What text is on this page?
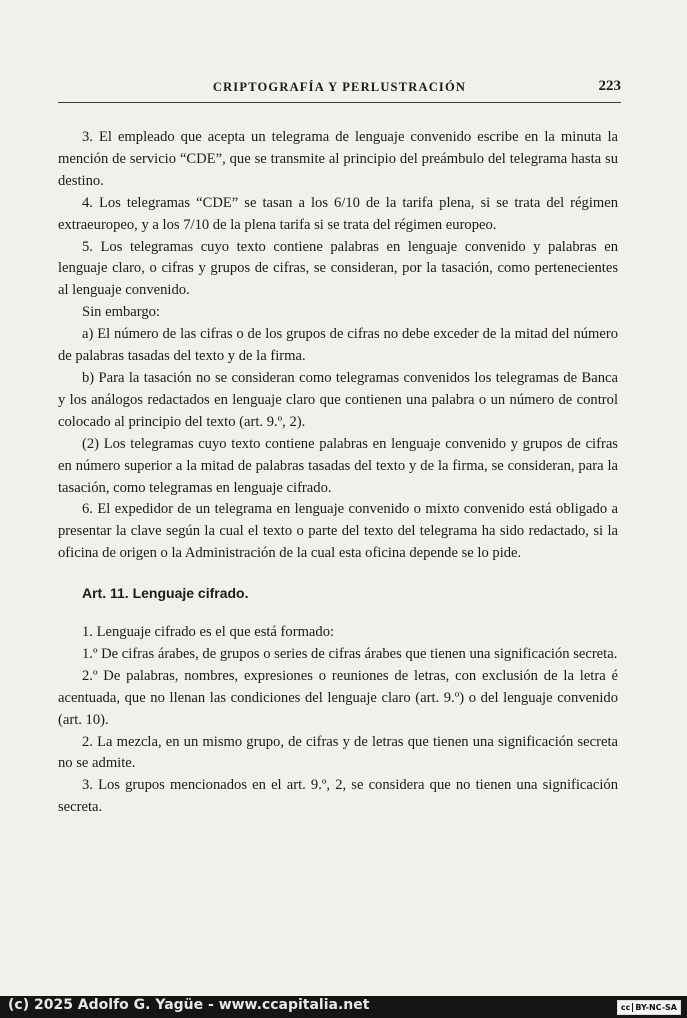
CRIPTOGRAFÍA Y PERLUSTRACIÓN	223

3. El empleado que acepta un telegrama de lenguaje convenido escribe en la minuta la mención de servicio “CDE”, que se transmite al principio del preámbulo del telegrama hasta su destino.

4. Los telegramas “CDE” se tasan a los 6/10 de la tarifa plena, si se trata del régimen extraeuropeo, y a los 7/10 de la plena tarifa si se trata del régimen europeo.

5. Los telegramas cuyo texto contiene palabras en lenguaje convenido y palabras en lenguaje claro, o cifras y grupos de cifras, se consideran, por la tasación, como pertenecientes al lenguaje convenido.

Sin embargo:

a) El número de las cifras o de los grupos de cifras no debe exceder de la mitad del número de palabras tasadas del texto y de la firma.

b) Para la tasación no se consideran como telegramas convenidos los telegramas de Banca y los análogos redactados en lenguaje claro que contienen una palabra o un número de control colocado al principio del texto (art. 9.º, 2).

(2) Los telegramas cuyo texto contiene palabras en lenguaje convenido y grupos de cifras en número superior a la mitad de palabras tasadas del texto y de la firma, se consideran, para la tasación, como telegramas en lenguaje cifrado.

6. El expedidor de un telegrama en lenguaje convenido o mixto convenido está obligado a presentar la clave según la cual el texto o parte del texto del telegrama ha sido redactado, si la oficina de origen o la Administración de la cual esta oficina depende se lo pide.

Art. 11. Lenguaje cifrado.

1. Lenguaje cifrado es el que está formado:

1.º De cifras árabes, de grupos o series de cifras árabes que tienen una significación secreta.

2.º De palabras, nombres, expresiones o reuniones de letras, con exclusión de la letra é acentuada, que no llenan las condiciones del lenguaje claro (art. 9.º) o del lenguaje convenido (art. 10).

2. La mezcla, en un mismo grupo, de cifras y de letras que tienen una significación secreta no se admite.

3. Los grupos mencionados en el art. 9.º, 2, se considera que no tienen una significación secreta.

(c) 2025 Adolfo G. Yagüe - www.ccapitalia.net	cc BY-NC-SA
